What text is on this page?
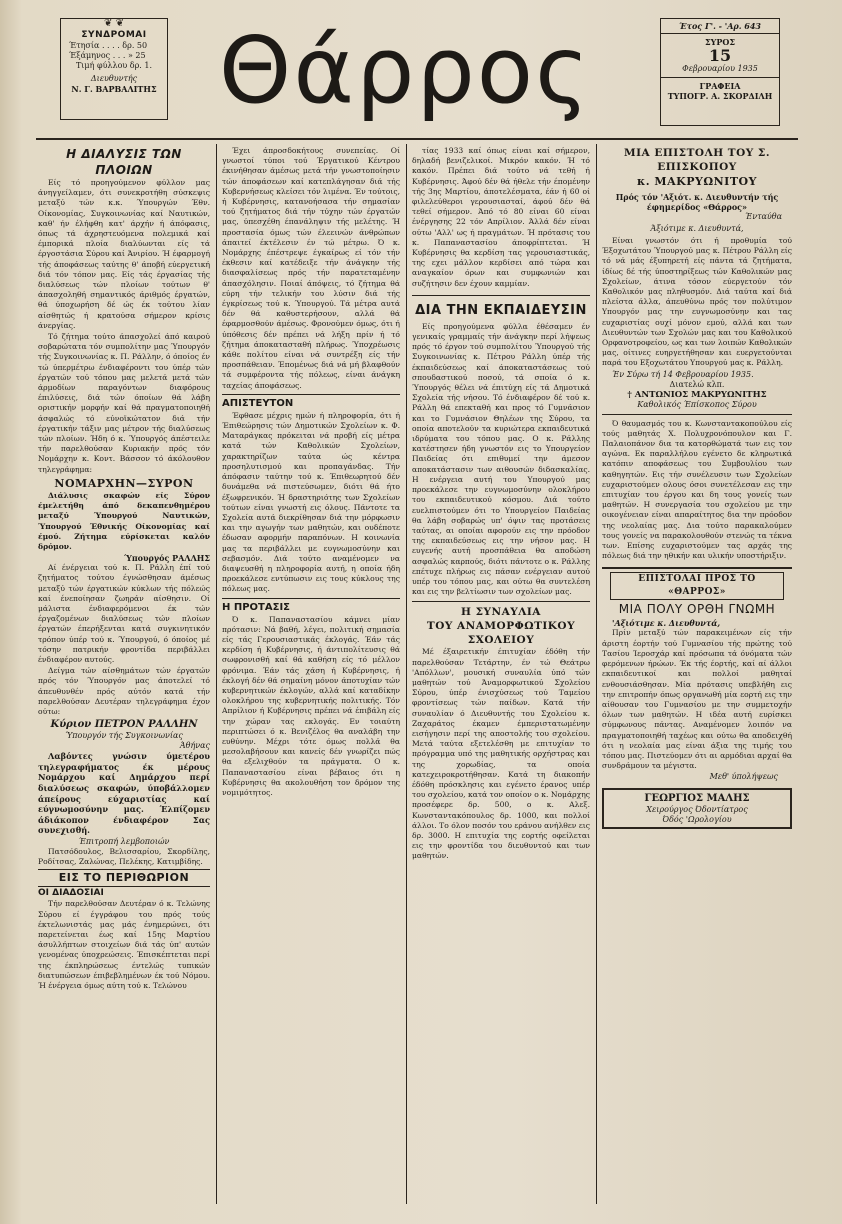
❦ ❦
ΣΥΝΔΡΟΜΑΙ
Έτησία . . . . δρ. 50
Έξάμηνος . . . » 25
Τιμή φύλλου δρ. 1.
Διευθυντής
Ν. Γ. ΒΑΡΒΑΛΙΤΗΣ Θάρρος	Έτος Γ'. - 'Αρ. 643
ΣΥΡΟΣ
15
Φεβρουαρίου 1935
ΓΡΑΦΕΙΑ
ΤΥΠΟΓΡ. Α. ΣΚΟΡΔΙΛΗ
Η ΔΙΑΛΥΣΙΣ ΤΩΝ ΠΛΟΙΩΝ

Είς τό προηγούμενον φύλλον μας άνηγγείλαμεν, ότι συνεκροτήθη σύσκεψις μεταξύ τών κ.κ. Ύπουργών Έθν. Οίκονομίας, Συγκοινωνίας καί Ναυτικών, καθ' ήν έλήφθη κατ' άρχήν ή άπόφασις, όπως τά άχρηστευόμενα πολεμικά καί έμπορικά πλοία διαλύωνται είς τά έργοστάσια Σύρου καί Άνιρίου. Ή έφαρμογή τής άποφάσεως ταύτης θ' άποβή εύεργετική διά τόν τόπον μας. Είς τάς έργασίας τής διαλύσεως τών πλοίων τούτων θ' άπασχοληθή σημαντικός άριθμός έργατών, θά ύποχωρήση δέ ώς έκ τούτου λίαν αίσθητώς ή κρατούσα σήμερον κρίσις άνεργίας.

Τό ζήτημα τούτο άπασχολεί άπό καιρού σοβαρώτατα τόν συμπολίτην μας Ύπουργόν τής Συγκοινωνίας κ. Π. Ράλλην, ό όποίος έν τώ ύπερμέτρω ένδιαφέροντι του ύπέρ τών έργατών τού τόπου μας μελετά μετά τών άρμοδίων παραγόντων διαφόρους έπιλύσεις, διά τών όποίων θά λάβη οριστικήν μορφήν καί θά πραγματοποιηθή άσφαλώς τό εύνοϊκώτατον διά τήν έργατικήν τάξιν μας μέτρον τής διαλύσεως τών πλοίων. Ήδη ό κ. Ύπουργός άπέστειλε τήν παρελθούσαν Κυριακήν πρός τόν Νομάρχην κ. Κοντ. Βάσσον τό άκόλουθον τηλεγράφημα:

ΝΟΜΑΡΧΗΝ—ΣΥΡΟΝ

Διάλυσις σκαφών είς Σύρον έμελετήθη άπό δεκαπενθημέρου μεταξύ Ύπουργού Ναυτικών, Ύπουργού Έθνικής Οίκονομίας καί έμού. Ζήτημα εύρίσκεται καλόν δρόμον.

Ύπουργός ΡΑΛΛΗΣ

Αί ένέργειαι τού κ. Π. Ράλλη έπί τού ζητήματος τούτου έγνώσθησαν άμέσως μεταξύ τών έργατικών κύκλων τής πόλεώς καί ένεποίησαν ζωηράν αίσθησιν. Οί μάλιστα ένδιαφερόμενοι έκ τών έργαζομένων διαλύσεως τών πλοίων έργατών έπερήξενται κατά συγκινητικόν τρόπον ύπέρ τού κ. Ύπουργού, ό όποίος μέ τόσην πατρικήν φροντίδα περιβάλλει ένδιαφέρον αυτούς.

Δείγμα τών αίσθημάτων τών έργατών πρός τόν Ύπουργόν μας άποτελεί τό άπευθυνθέν πρός αύτόν κατά τήν παρελθούσαν Δευτέραν τηλεγράφημα έχον ούτω:

Κύριον ΠΕΤΡΟΝ ΡΑΛΛΗΝ
Ύπουργόν τής Συγκοινωνίας
Άθήνας

Λαβόντες γνώσιν ύμετέρου τηλεγραφήματος έκ μέρους Νομάρχου καί Δημάρχου περί διαλύσεως σκαφών, ύποβάλλομεν άπείρους εύχαριστίας καί εύγνωμοσύνην μας. Έλπίζομεν άδιάκοπον ένδιαφέρον Σας συνεχισθή.

Έπιτροπή λεμβοποιών

Πατσόδουλος, Βελισσαρίου, Σκορδίλης, Ροδίτσας, Ζαλώνας, Πελέκης, Κατιμβίδης.

ΕΙΣ ΤΟ ΠΕΡΙΘΩΡΙΟΝ
ΟΙ ΔΙΑΔΟΣΙΑΙ

Τήν παρελθούσαν Δευτέραν ό κ. Τελώνης Σύρου εί έγγράφου του πρός τούς έκτελωνιστάς μας μάς ένημερώνει, ότι παρετείνεται έως καί 15ης Μαρτίου άσυλλήπτων στοιχείων διά τάς ύπ' αυτών γενομένας ύποχρεώσεις. Έπισκέπτεται περί της έκπληρώσεως έντελώς τυπικών διατυπώσεων έπιβεβλημένων έκ τού Νόμου. Ή ένέργεια όμως αύτη τού κ. Τελώνου

Έχει άπροσδοκήτους συνεπείας. Οί γνωστοί τύποι τού Έργατικού Κέντρου έκινήθησαν άμέσως μετά τήν γνωστοποίησιν τών άποφάσεων καί κατεπλάγησαν διά τής Κυβερνήσεως κλείσει τόν λιμένα. Έν τούτοις, ή Κυβέρνησις, κατανοήσασα τήν σημασίαν τού ζητήματος διά τήν τύχην τών έργατών μας, ύπεσχέθη έπανάληψιν τής μελέτης. Ή προστασία όμως τών έλεεινών άνθρώπων άπαιτεί έκτέλεσιν έν τώ μέτρω. Ό κ. Νομάρχης έπέστρεψε έγκαίρως εί τόν τήν έκθεσιν καί κατέδειξε τήν άνάγκην τής διασφαλίσεως πρός τήν παρατεταμένην άπασχόλησιν. Ποιαί άπόψεις, τό ζήτημα θά εύρη τήν τελικήν του λύσιν διά τής έγκρίσεως τού κ. Ύπουργού. Τά μέτρα αυτά δέν θά καθυστερήσουν, αλλά θά έφαρμοσθούν άμέσως. Φρονούμεν όμως, ότι ή ύπόθεσις δέν πρέπει νά λήξη πρίν ή τό ζήτημα άποκατασταθή πλήρως. Ύποχρέωσις κάθε πολίτου είναι νά συντρέξη είς τήν προσπάθειαν. Έπομένως διά νά μή βλαφθούν τά συμφέροντα τής πόλεως, είναι άνάγκη ταχείας άποφάσεως.

ΑΠΙΣΤΕΥΤΟΝ

Έφθασε μέχρις ημών ή πληροφορία, ότι ή Έπιθεώρησις τών Δημοτικών Σχολείων κ. Φ. Ματαράγκας πρόκειται νά προβή είς μέτρα κατά τών Καθολικών Σχολείων, χαρακτηρίζων ταύτα ώς κέντρα προσηλυτισμού και προπαγάνδας. Τήν άπόφασιν ταύτην τού κ. Έπιθεωρητού δέν δυνάμεθα νά πιστεύσωμεν, διότι θά ήτο έξωφρενικόν. Ή δραστηριότης των Σχολείων τούτων είναι γνωστή εις όλους. Πάντοτε τα Σχολεία αυτά διεκρίθησαν διά την μόρφωσιν και την αγωγήν των μαθητών, και ουδέποτε έδωσαν αφορμήν παραπόνων. Η κοινωνία μας τα περιβάλλει με ευγνωμοσύνην και σεβασμόν. Διά τούτο αναμένομεν να διαψευσθή η πληροφορία αυτή, η οποία ήδη προεκάλεσε εντύπωσιν εις τους κύκλους της πόλεως μας.

Η ΠΡΟΤΑΣΙΣ

Ό κ. Παπαναστασίου κάμνει μίαν πρότασιν: Νά βαθή, λέγει, πολιτική σημασία είς τάς Γερουσιαστικάς έκλογάς. Έάν τάς κερδίση ή Κυβέρνησις, ή άντιπολίτευσις θά σωφρονισθή καί θά καθήση είς τό μέλλον φρόνιμα. Έάν τάς χάση ή Κυβέρνησις, ή έκλογή δέν θά σημαίνη μόνον άποτυχίαν τών κυβερνητικών έκλογών, αλλά καί καταδίκην ολοκλήρου της κυβερνητικής πολιτικής. Τόν Απρίλιον ή Κυβέρνησις πρέπει νά έπιβάλη είς την χώραν τας εκλογάς. Εν τοιαύτη περιπτώσει ό κ. Βενιζέλος θα αναλάβη την ευθύνην. Μέχρι τότε όμως πολλά θα μεσολαβήσουν και κανείς δέν γνωρίζει πώς θα εξελιχθούν τα πράγματα. Ο κ. Παπαναστασίου είναι βέβαιος ότι η Κυβέρνησις θα ακολουθήση τον δρόμον της νομιμότητος.

τίας 1933 καί όπως είναι καί σήμερον, δηλαδή βενιζελικοί. Μικρόν κακόν. Ή τό κακόν. Πρέπει διά τούτο νά τεθή ή Κυβέρνησις. Άφού δέν θά ήθελε τήν έπομένην τής 3ης Μαρτίου, άποτελέσματα, έάν ή 60 οί φιλελεύθεροι γερουσιασταί, άφού δέν θά τεθεί σήμερον. Άπό τό 80 είναι 60 είναι ένέργησης 22 τόν Απρίλιον. Άλλά δέν είναι ούτω 'Αλλ' ως ή πραγμάτων. Ή πρότασις του κ. Παπαναστασίου άποφρίπτεται. Ή Κυβέρνησις θα κερδίση τας γερουσιαστικάς, της εχει μάλλον κερδίσει από τώρα και αναγκαίον όρων και συμφωνιών και συζήτησιν δεν έχουν καμμίαν.

ΔΙΑ ΤΗΝ ΕΚΠΑΙΔΕΥΣΙΝ

Είς προηγούμενα φύλλα έθέσαμεν έν γενικαίς γραμμαίς τήν άνάγκην περί λήψεως πρός τό έργον τού συμπολίτου Ύπουργού τής Συγκοινωνίας κ. Πέτρου Ράλλη ύπέρ τής έκπαιδεύσεως καί άποκαταστάσεως τού σπουδαστικού ποσού, τά σποία ό κ. Ύπουργός θέλει νά έπιτύχη είς τά Δημοτικά Σχολεία τής νήσου. Τό ένδιαφέρον δέ τού κ. Ράλλη θά επεκταθή και προς τό Γυμνάσιον και το Γυμνάσιον Θηλέων της Σύρου, τα οποία αποτελούν τα κυριώτερα εκπαιδευτικά ιδρύματα του τόπου μας. Ο κ. Ράλλης κατέστησεν ήδη γνωστόν εις το Υπουργείον Παιδείας ότι επιθυμεί την άμεσον αποκατάστασιν των αιθουσών διδασκαλίας. Η ενέργεια αυτή του Υπουργού μας προεκάλεσε την ευγνωμοσύνην ολοκλήρου του εκπαιδευτικού κόσμου. Διά τούτο ευελπιστούμεν ότι το Υπουργείον Παιδείας θα λάβη σοβαρώς υπ' όψιν τας προτάσεις ταύτας, αι οποίαι αφορούν εις την πρόοδον της εκπαιδεύσεως εις την νήσον μας. Η ευγενής αυτή προσπάθεια θα αποδώση ασφαλώς καρπούς, διότι πάντοτε ο κ. Ράλλης επέτυχε πλήρως εις πάσαν ενέργειαν αυτού υπέρ του τόπου μας, και ούτω θα συντελέση και εις την βελτίωσιν των σχολείων μας.

Η ΣΥΝΑΥΛΙΑ
ΤΟΥ ΑΝΑΜΟΡΦΩΤΙΚΟΥ ΣΧΟΛΕΙΟΥ

Μέ έξαιρετικήν έπιτυχίαν έδόθη τήν παρελθούσαν Τετάρτην, έν τώ Θεάτρω 'Απόλλων', μουσική συναυλία ύπό τών μαθητών τού Άναμορφωτικού Σχολείου Σύρου, ύπέρ ένισχύσεως τού Ταμείου φροντίσεως τών παίδων. Κατά τήν συναυλίαν ό Διευθυντής του Σχολείου κ. Ζαχαράτος έκαμεν έμπεριστατωμένην εισήγησιν περί της αποστολής του σχολείου. Μετά ταύτα εξετελέσθη με επιτυχίαν το πρόγραμμα υπό της μαθητικής ορχήστρας και της χορωδίας, τα οποία κατεχειροκροτήθησαν. Κατά τη διακοπήν έδόθη πρόσκλησις και εγένετο έρανος υπέρ του σχολείου, κατά τον οποίον ο κ. Νομάρχης προσέφερε δρ. 500, ο κ. Αλεξ. Κωνσταντακόπουλος δρ. 1000, και πολλοί άλλοι. Το όλον ποσόν του εράνου ανήλθεν εις δρ. 3000. Η επιτυχία της εορτής οφείλεται εις την φροντίδα του διευθυντού και των μαθητών.

ΜΙΑ ΕΠΙΣΤΟΛΗ ΤΟΥ Σ. ΕΠΙΣΚΟΠΟΥ
κ. ΜΑΚΡΥΩΝΙΤΟΥ
Πρός τόν 'Αξιότ. κ. Διευθυντήν τής έφημερίδος «Θάρρος»
Ένταύθα
Άξιότιμε κ. Διευθυντά,

Είναι γνωστόν ότι ή προθυμία τού Έξοχωτάτου Ύπουργού μας κ. Πέτρου Ράλλη είς τό νά μάς έξυπηρετή είς πάντα τά ζητήματα, ίδίως δέ τής ύποστηρίξεως τών Καθολικών μας Σχολείων, άτινα τόσον εύεργετούν τόν Καθολικόν μας πληθυσμόν. Διά ταύτα καί διά πλείστα άλλα, άπευθύνω πρός τον πολύτιμον Υπουργόν μας την ευγνωμοσύνην και τας ευχαριστίας ουχί μόνον εμού, αλλά και των Διευθυντών των Σχολών μας και του Καθολικού Ορφανοτροφείου, ως και των λοιπών Καθολικών μας, οίτινες ευηργετήθησαν και ευεργετούνται παρά του Εξοχωτάτου Υπουργού μας κ. Ράλλη.

Έν Σύρω τή 14 Φεβρουαρίου 1935.
Διατελώ κλπ.
† ΑΝΤΩΝΙΟΣ ΜΑΚΡΥΩΝΙΤΗΣ
Καθολικός Έπίσκοπος Σύρου

Ό θαυμασμός του κ. Κωνσταντακοπούλου είς τούς μαθητάς Χ. Πολυχρονόπουλον και Γ. Παλαιοπάνον δια τα κατορθώματά των εις τον αγώνα. Εκ παραλλήλου εγένετο δε κληρωτικά κατόπιν αποφάσεως του Συμβουλίου των καθηγητών. Εις τήν συνέλευσιν των Σχολείων ευχαριστούμεν ολους όσοι συνετέλεσαν εις την επιτυχίαν του έργου και δη τους γονείς των μαθητών. Η συνεργασία του σχολείου με την οικογένειαν είναι απαραίτητος δια την πρόοδον της νεολαίας μας. Δια τούτο παρακαλούμεν τους γονείς να παρακολουθούν στενώς τα τέκνα των. Επίσης ευχαριστούμεν τας αρχάς της πόλεως διά την ηθικήν και υλικήν υποστήριξιν.

ΕΠΙΣΤΟΛΑΙ ΠΡΟΣ ΤΟ «ΘΑΡΡΟΣ»
ΜΙΑ ΠΟΛΥ ΟΡΘΗ ΓΝΩΜΗ
'Αξιότιμε κ. Διευθυντά,

Πρίν μεταξύ τών παρακειμένων είς τήν άριστη έορτήν τού Γυμνασίου τής πρώτης τού Τασίου Ίεροσχάρ καί πρόσωπα τά όνόματα τών φερόμενων ήρώων. Έκ τής έορτής, καί αί άλλοι εκπαιδευτικοί και πολλοί μαθηταί ενθουσιάσθησαν. Μία πρότασις υπεβλήθη εις την επιτροπήν όπως οργανωθή μία εορτή εις την αίθουσαν του Γυμνασίου με την συμμετοχήν όλων των μαθητών. Η ιδέα αυτή ευρίσκει σύμφωνους πάντας. Αναμένομεν λοιπόν να πραγματοποιηθή ταχέως και ούτω θα αποδειχθή ότι η νεολαία μας είναι άξια της τιμής του τόπου μας. Πιστεύομεν ότι αι αρμόδιαι αρχαί θα συνδράμουν τα μέγιστα.

Μεθ' ύπολήψεως
ΓΕΩΡΓΙΟΣ ΜΑΛΗΣ
Χειρούργος Όδοντίατρος
Όδός 'Ωρολογίου
